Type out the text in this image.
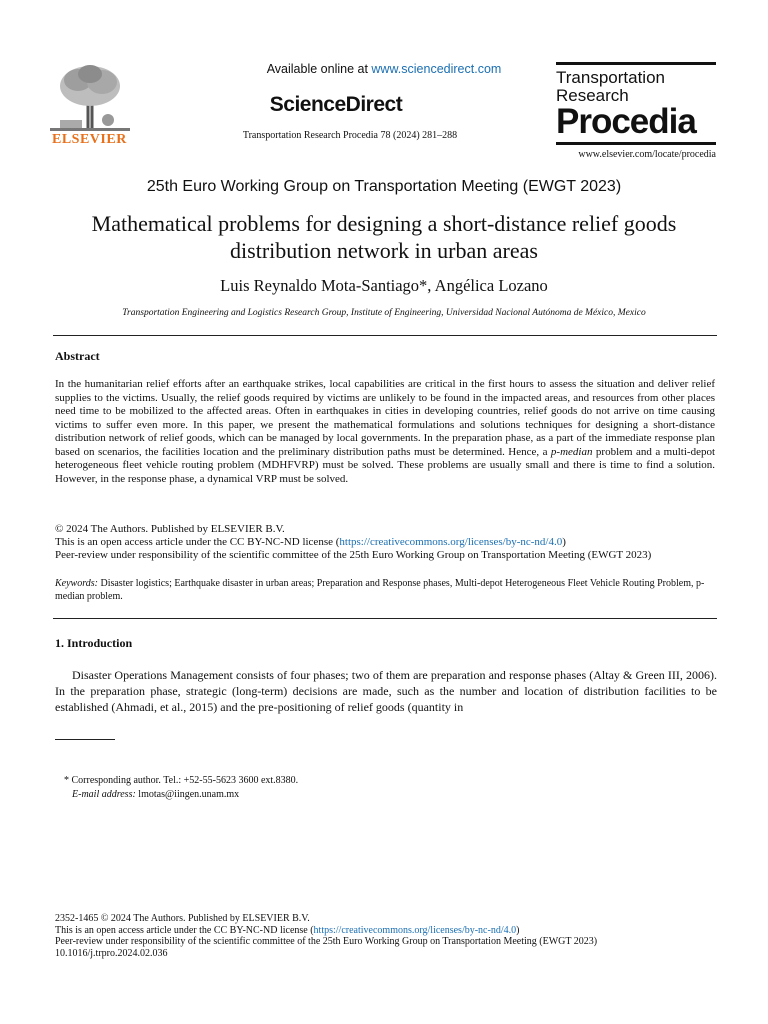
ELSEVIER
Available online at www.sciencedirect.com
ScienceDirect
Transportation Research Procedia 78 (2024) 281–288
Transportation
Research
Procedia
www.elsevier.com/locate/procedia
25th Euro Working Group on Transportation Meeting (EWGT 2023)
Mathematical problems for designing a short-distance relief goods distribution network in urban areas
Luis Reynaldo Mota-Santiago*, Angélica Lozano
Transportation Engineering and Logistics Research Group, Institute of Engineering, Universidad Nacional Autónoma de México, Mexico
Abstract
In the humanitarian relief efforts after an earthquake strikes, local capabilities are critical in the first hours to assess the situation and deliver relief supplies to the victims. Usually, the relief goods required by victims are unlikely to be found in the impacted areas, and resources from other places need time to be mobilized to the affected areas. Often in earthquakes in cities in developing countries, relief goods do not arrive on time causing victims to suffer even more. In this paper, we present the mathematical formulations and solutions techniques for designing a short-distance distribution network of relief goods, which can be managed by local governments. In the preparation phase, as a part of the immediate response plan based on scenarios, the facilities location and the preliminary distribution paths must be determined. Hence, a p-median problem and a multi-depot heterogeneous fleet vehicle routing problem (MDHFVRP) must be solved. These problems are usually small and there is time to find a solution. However, in the response phase, a dynamical VRP must be solved.
© 2024 The Authors. Published by ELSEVIER B.V.
This is an open access article under the CC BY-NC-ND license (https://creativecommons.org/licenses/by-nc-nd/4.0)
Peer-review under responsibility of the scientific committee of the 25th Euro Working Group on Transportation Meeting (EWGT 2023)
Keywords: Disaster logistics; Earthquake disaster in urban areas; Preparation and Response phases, Multi-depot Heterogeneous Fleet Vehicle Routing Problem, p-median problem.
1. Introduction
Disaster Operations Management consists of four phases; two of them are preparation and response phases (Altay & Green III, 2006). In the preparation phase, strategic (long-term) decisions are made, such as the number and location of distribution facilities to be established (Ahmadi, et al., 2015) and the pre-positioning of relief goods (quantity in
* Corresponding author. Tel.: +52-55-5623 3600 ext.8380.
E-mail address: lmotas@iingen.unam.mx
2352-1465 © 2024 The Authors. Published by ELSEVIER B.V.
This is an open access article under the CC BY-NC-ND license (https://creativecommons.org/licenses/by-nc-nd/4.0)
Peer-review under responsibility of the scientific committee of the 25th Euro Working Group on Transportation Meeting (EWGT 2023)
10.1016/j.trpro.2024.02.036
